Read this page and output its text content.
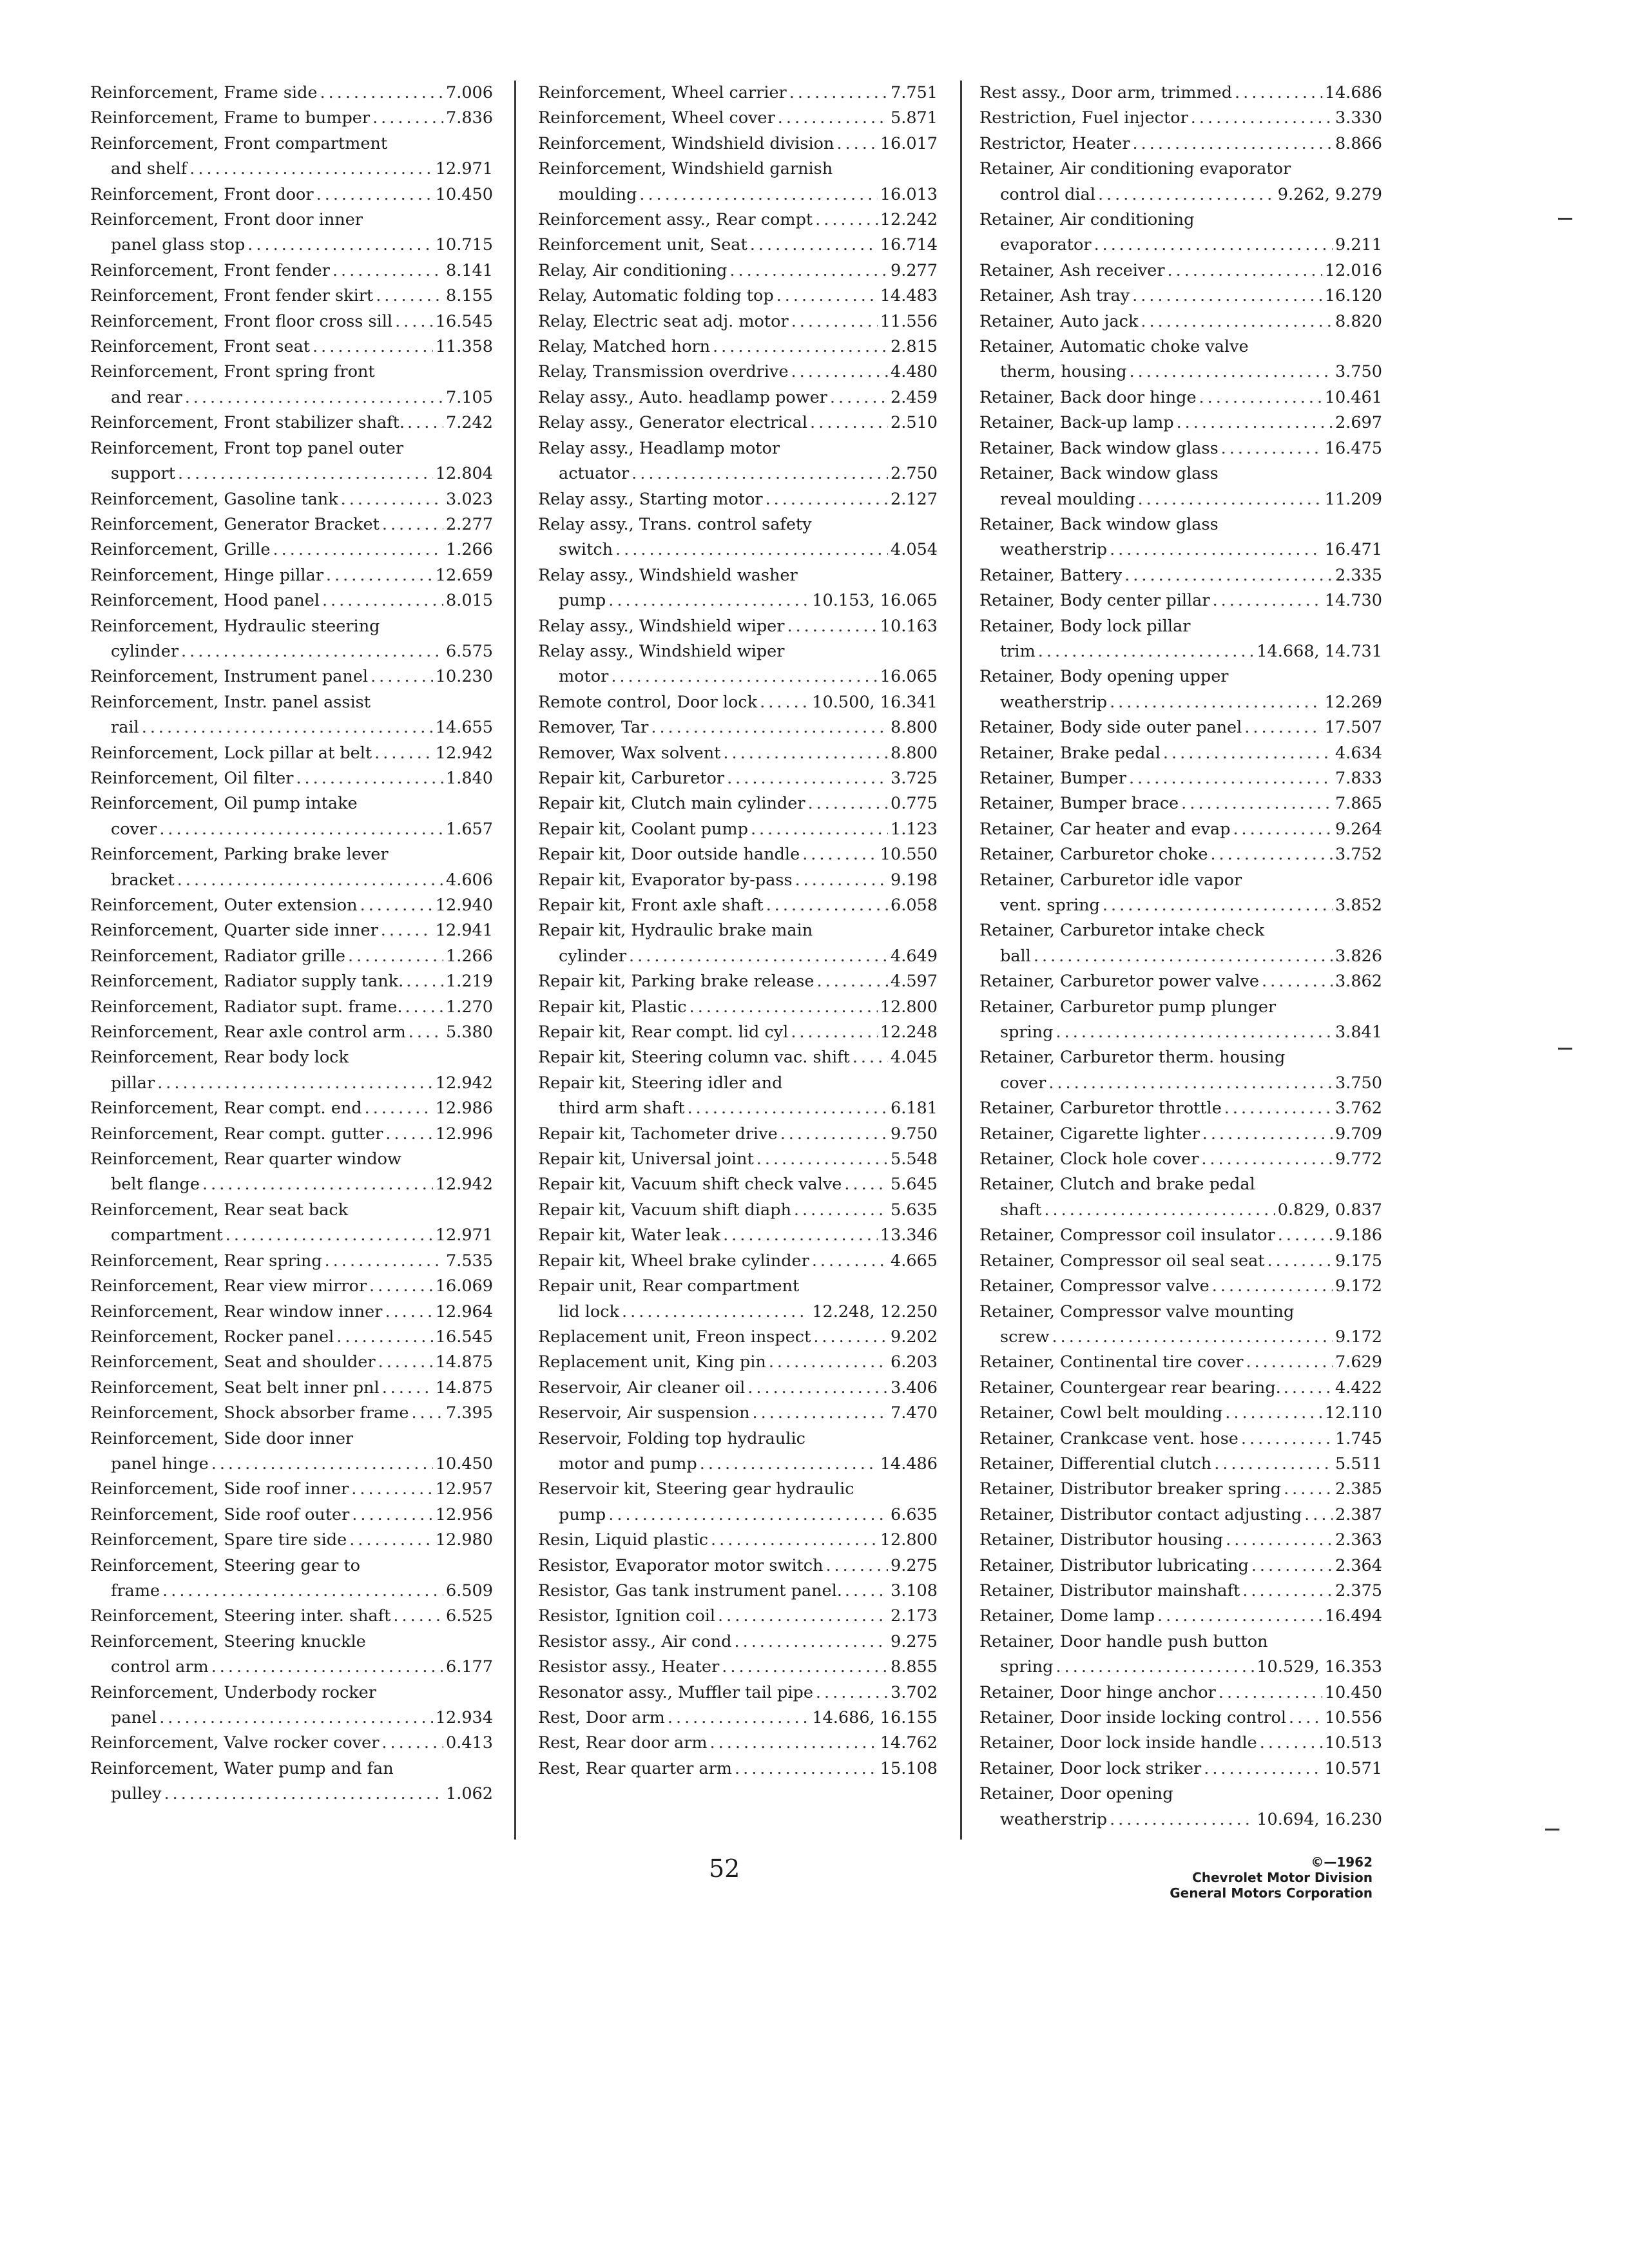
Reinforcement, Frame side .....	7.006
Reinforcement, Frame to bumper .....	7.836
Reinforcement, Front compartment
and shelf .....	12.971
Reinforcement, Front door .....	10.450
Reinforcement, Front door inner
panel glass stop .....	10.715
Reinforcement, Front fender .....	8.141
Reinforcement, Front fender skirt .....	8.155
Reinforcement, Front floor cross sill .....	16.545
Reinforcement, Front seat .....	11.358
Reinforcement, Front spring front
and rear .....	7.105
Reinforcement, Front stabilizer shaft. .....	7.242
Reinforcement, Front top panel outer
support .....	12.804
Reinforcement, Gasoline tank .....	3.023
Reinforcement, Generator Bracket .....	2.277
Reinforcement, Grille .....	1.266
Reinforcement, Hinge pillar .....	12.659
Reinforcement, Hood panel .....	8.015
Reinforcement, Hydraulic steering
cylinder .....	6.575
Reinforcement, Instrument panel .....	10.230
Reinforcement, Instr. panel assist
rail .....	14.655
Reinforcement, Lock pillar at belt .....	12.942
Reinforcement, Oil filter .....	1.840
Reinforcement, Oil pump intake
cover .....	1.657
Reinforcement, Parking brake lever
bracket .....	4.606
Reinforcement, Outer extension .....	12.940
Reinforcement, Quarter side inner .....	12.941
Reinforcement, Radiator grille .....	1.266
Reinforcement, Radiator supply tank. .....	1.219
Reinforcement, Radiator supt. frame. .....	1.270
Reinforcement, Rear axle control arm ..... 5.380
Reinforcement, Rear body lock
pillar .....	12.942
Reinforcement, Rear compt. end .....	12.986
Reinforcement, Rear compt. gutter .....	12.996
Reinforcement, Rear quarter window
belt flange .....	12.942
Reinforcement, Rear seat back
compartment .....	12.971
Reinforcement, Rear spring .....	7.535
Reinforcement, Rear view mirror .....	16.069
Reinforcement, Rear window inner .....	12.964
Reinforcement, Rocker panel .....	16.545
Reinforcement, Seat and shoulder .....	14.875
Reinforcement, Seat belt inner pnl .....	14.875
Reinforcement, Shock absorber frame ..... 7.395
Reinforcement, Side door inner
panel hinge .....	10.450
Reinforcement, Side roof inner .....	12.957
Reinforcement, Side roof outer .....	12.956
Reinforcement, Spare tire side .....	12.980
Reinforcement, Steering gear to
frame .....	6.509
Reinforcement, Steering inter. shaft .....	6.525
Reinforcement, Steering knuckle
control arm .....	6.177
Reinforcement, Underbody rocker
panel .....	12.934
Reinforcement, Valve rocker cover .....	0.413
Reinforcement, Water pump and fan
pulley .....	1.062
Reinforcement, Wheel carrier .....	7.751
Reinforcement, Wheel cover .....	5.871
Reinforcement, Windshield division .....	16.017
Reinforcement, Windshield garnish
moulding .....	16.013
Reinforcement assy., Rear compt .....	12.242
Reinforcement unit, Seat .....	16.714
Relay, Air conditioning .....	9.277
Relay, Automatic folding top .....	14.483
Relay, Electric seat adj. motor .....	11.556
Relay, Matched horn .....	2.815
Relay, Transmission overdrive .....	4.480
Relay assy., Auto. headlamp power .....	2.459
Relay assy., Generator electrical .....	2.510
Relay assy., Headlamp motor
actuator .....	2.750
Relay assy., Starting motor .....	2.127
Relay assy., Trans. control safety
switch .....	4.054
Relay assy., Windshield washer
pump .....	10.153, 16.065
Relay assy., Windshield wiper .....	10.163
Relay assy., Windshield wiper
motor .....	16.065
Remote control, Door lock .....	10.500, 16.341
Remover, Tar .....	8.800
Remover, Wax solvent .....	8.800
Repair kit, Carburetor .....	3.725
Repair kit, Clutch main cylinder .....	0.775
Repair kit, Coolant pump .....	1.123
Repair kit, Door outside handle .....	10.550
Repair kit, Evaporator by-pass .....	9.198
Repair kit, Front axle shaft .....	6.058
Repair kit, Hydraulic brake main
cylinder .....	4.649
Repair kit, Parking brake release .....	4.597
Repair kit, Plastic .....	12.800
Repair kit, Rear compt. lid cyl .....	12.248
Repair kit, Steering column vac. shift ..... 4.045
Repair kit, Steering idler and
third arm shaft .....	6.181
Repair kit, Tachometer drive .....	9.750
Repair kit, Universal joint .....	5.548
Repair kit, Vacuum shift check valve .....	5.645
Repair kit, Vacuum shift diaph .....	5.635
Repair kit, Water leak .....	13.346
Repair kit, Wheel brake cylinder .....	4.665
Repair unit, Rear compartment
lid lock .....	12.248, 12.250
Replacement unit, Freon inspect .....	9.202
Replacement unit, King pin .....	6.203
Reservoir, Air cleaner oil .....	3.406
Reservoir, Air suspension .....	7.470
Reservoir, Folding top hydraulic
motor and pump .....	14.486
Reservoir kit, Steering gear hydraulic
pump .....	6.635
Resin, Liquid plastic .....	12.800
Resistor, Evaporator motor switch .....	9.275
Resistor, Gas tank instrument panel. .....	3.108
Resistor, Ignition coil .....	2.173
Resistor assy., Air cond .....	9.275
Resistor assy., Heater .....	8.855
Resonator assy., Muffler tail pipe .....	3.702
Rest, Door arm .....	14.686, 16.155
Rest, Rear door arm .....	14.762
Rest, Rear quarter arm .....	15.108
Rest assy., Door arm, trimmed .....	14.686
Restriction, Fuel injector .....	3.330
Restrictor, Heater .....	8.866
Retainer, Air conditioning evaporator
control dial .....	9.262, 9.279
Retainer, Air conditioning
evaporator .....	9.211
Retainer, Ash receiver .....	12.016
Retainer, Ash tray .....	16.120
Retainer, Auto jack .....	8.820
Retainer, Automatic choke valve
therm, housing .....	3.750
Retainer, Back door hinge .....	10.461
Retainer, Back-up lamp .....	2.697
Retainer, Back window glass .....	16.475
Retainer, Back window glass
reveal moulding .....	11.209
Retainer, Back window glass
weatherstrip .....	16.471
Retainer, Battery .....	2.335
Retainer, Body center pillar .....	14.730
Retainer, Body lock pillar
trim .....	14.668, 14.731
Retainer, Body opening upper
weatherstrip .....	12.269
Retainer, Body side outer panel .....	17.507
Retainer, Brake pedal .....	4.634
Retainer, Bumper .....	7.833
Retainer, Bumper brace .....	7.865
Retainer, Car heater and evap .....	9.264
Retainer, Carburetor choke .....	3.752
Retainer, Carburetor idle vapor
vent. spring .....	3.852
Retainer, Carburetor intake check
ball .....	3.826
Retainer, Carburetor power valve .....	3.862
Retainer, Carburetor pump plunger
spring .....	3.841
Retainer, Carburetor therm. housing
cover .....	3.750
Retainer, Carburetor throttle .....	3.762
Retainer, Cigarette lighter .....	9.709
Retainer, Clock hole cover .....	9.772
Retainer, Clutch and brake pedal
shaft .....	0.829, 0.837
Retainer, Compressor coil insulator .....	9.186
Retainer, Compressor oil seal seat .....	9.175
Retainer, Compressor valve .....	9.172
Retainer, Compressor valve mounting
screw .....	9.172
Retainer, Continental tire cover .....	7.629
Retainer, Countergear rear bearing. .....	4.422
Retainer, Cowl belt moulding .....	12.110
Retainer, Crankcase vent. hose .....	1.745
Retainer, Differential clutch .....	5.511
Retainer, Distributor breaker spring .....	2.385
Retainer, Distributor contact adjusting ..... 2.387
Retainer, Distributor housing .....	2.363
Retainer, Distributor lubricating .....	2.364
Retainer, Distributor mainshaft .....	2.375
Retainer, Dome lamp .....	16.494
Retainer, Door handle push button
spring .....	10.529, 16.353
Retainer, Door hinge anchor .....	10.450
Retainer, Door inside locking control ..... 10.556
Retainer, Door lock inside handle .....	10.513
Retainer, Door lock striker .....	10.571
Retainer, Door opening
weatherstrip .....	10.694, 16.230
52	©—1962
Chevrolet Motor Division
General Motors Corporation
